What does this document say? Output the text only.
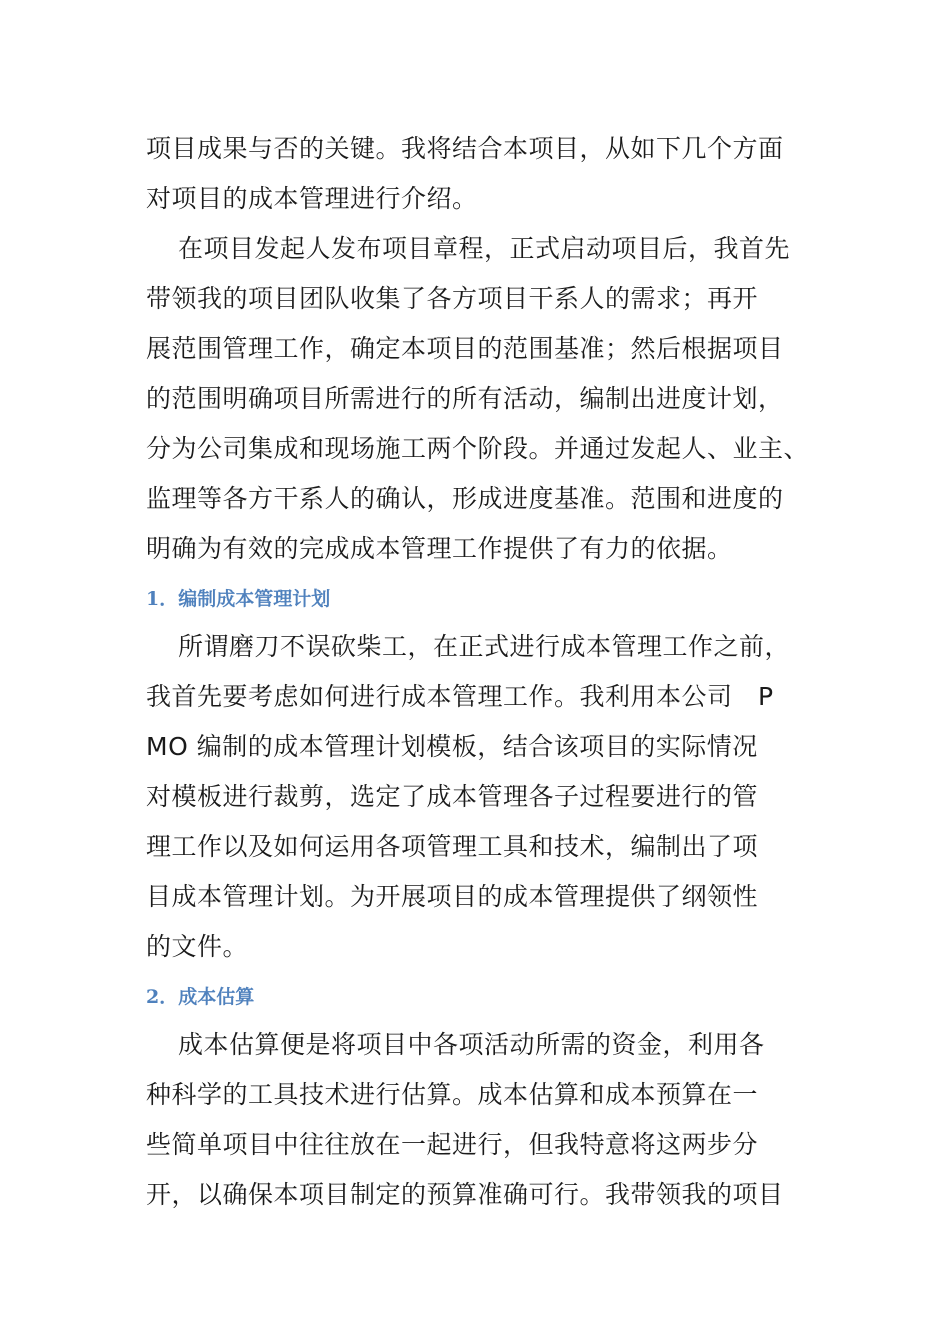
项目成果与否的关键。我将结合本项目，从如下几个方面
对项目的成本管理进行介绍。
在项目发起人发布项目章程，正式启动项目后，我首先
带领我的项目团队收集了各方项目干系人的需求；再开
展范围管理工作，确定本项目的范围基准；然后根据项目
的范围明确项目所需进行的所有活动，编制出进度计划，
分为公司集成和现场施工两个阶段。并通过发起人、业主、
监理等各方干系人的确认，形成进度基准。范围和进度的
明确为有效的完成成本管理工作提供了有力的依据。
1．编制成本管理计划
所谓磨刀不误砍柴工，在正式进行成本管理工作之前，
我首先要考虑如何进行成本管理工作。我利用本公司　P
MO 编制的成本管理计划模板，结合该项目的实际情况
对模板进行裁剪，选定了成本管理各子过程要进行的管
理工作以及如何运用各项管理工具和技术，编制出了项
目成本管理计划。为开展项目的成本管理提供了纲领性
的文件。
2．成本估算
成本估算便是将项目中各项活动所需的资金，利用各
种科学的工具技术进行估算。成本估算和成本预算在一
些简单项目中往往放在一起进行，但我特意将这两步分
开，以确保本项目制定的预算准确可行。我带领我的项目
